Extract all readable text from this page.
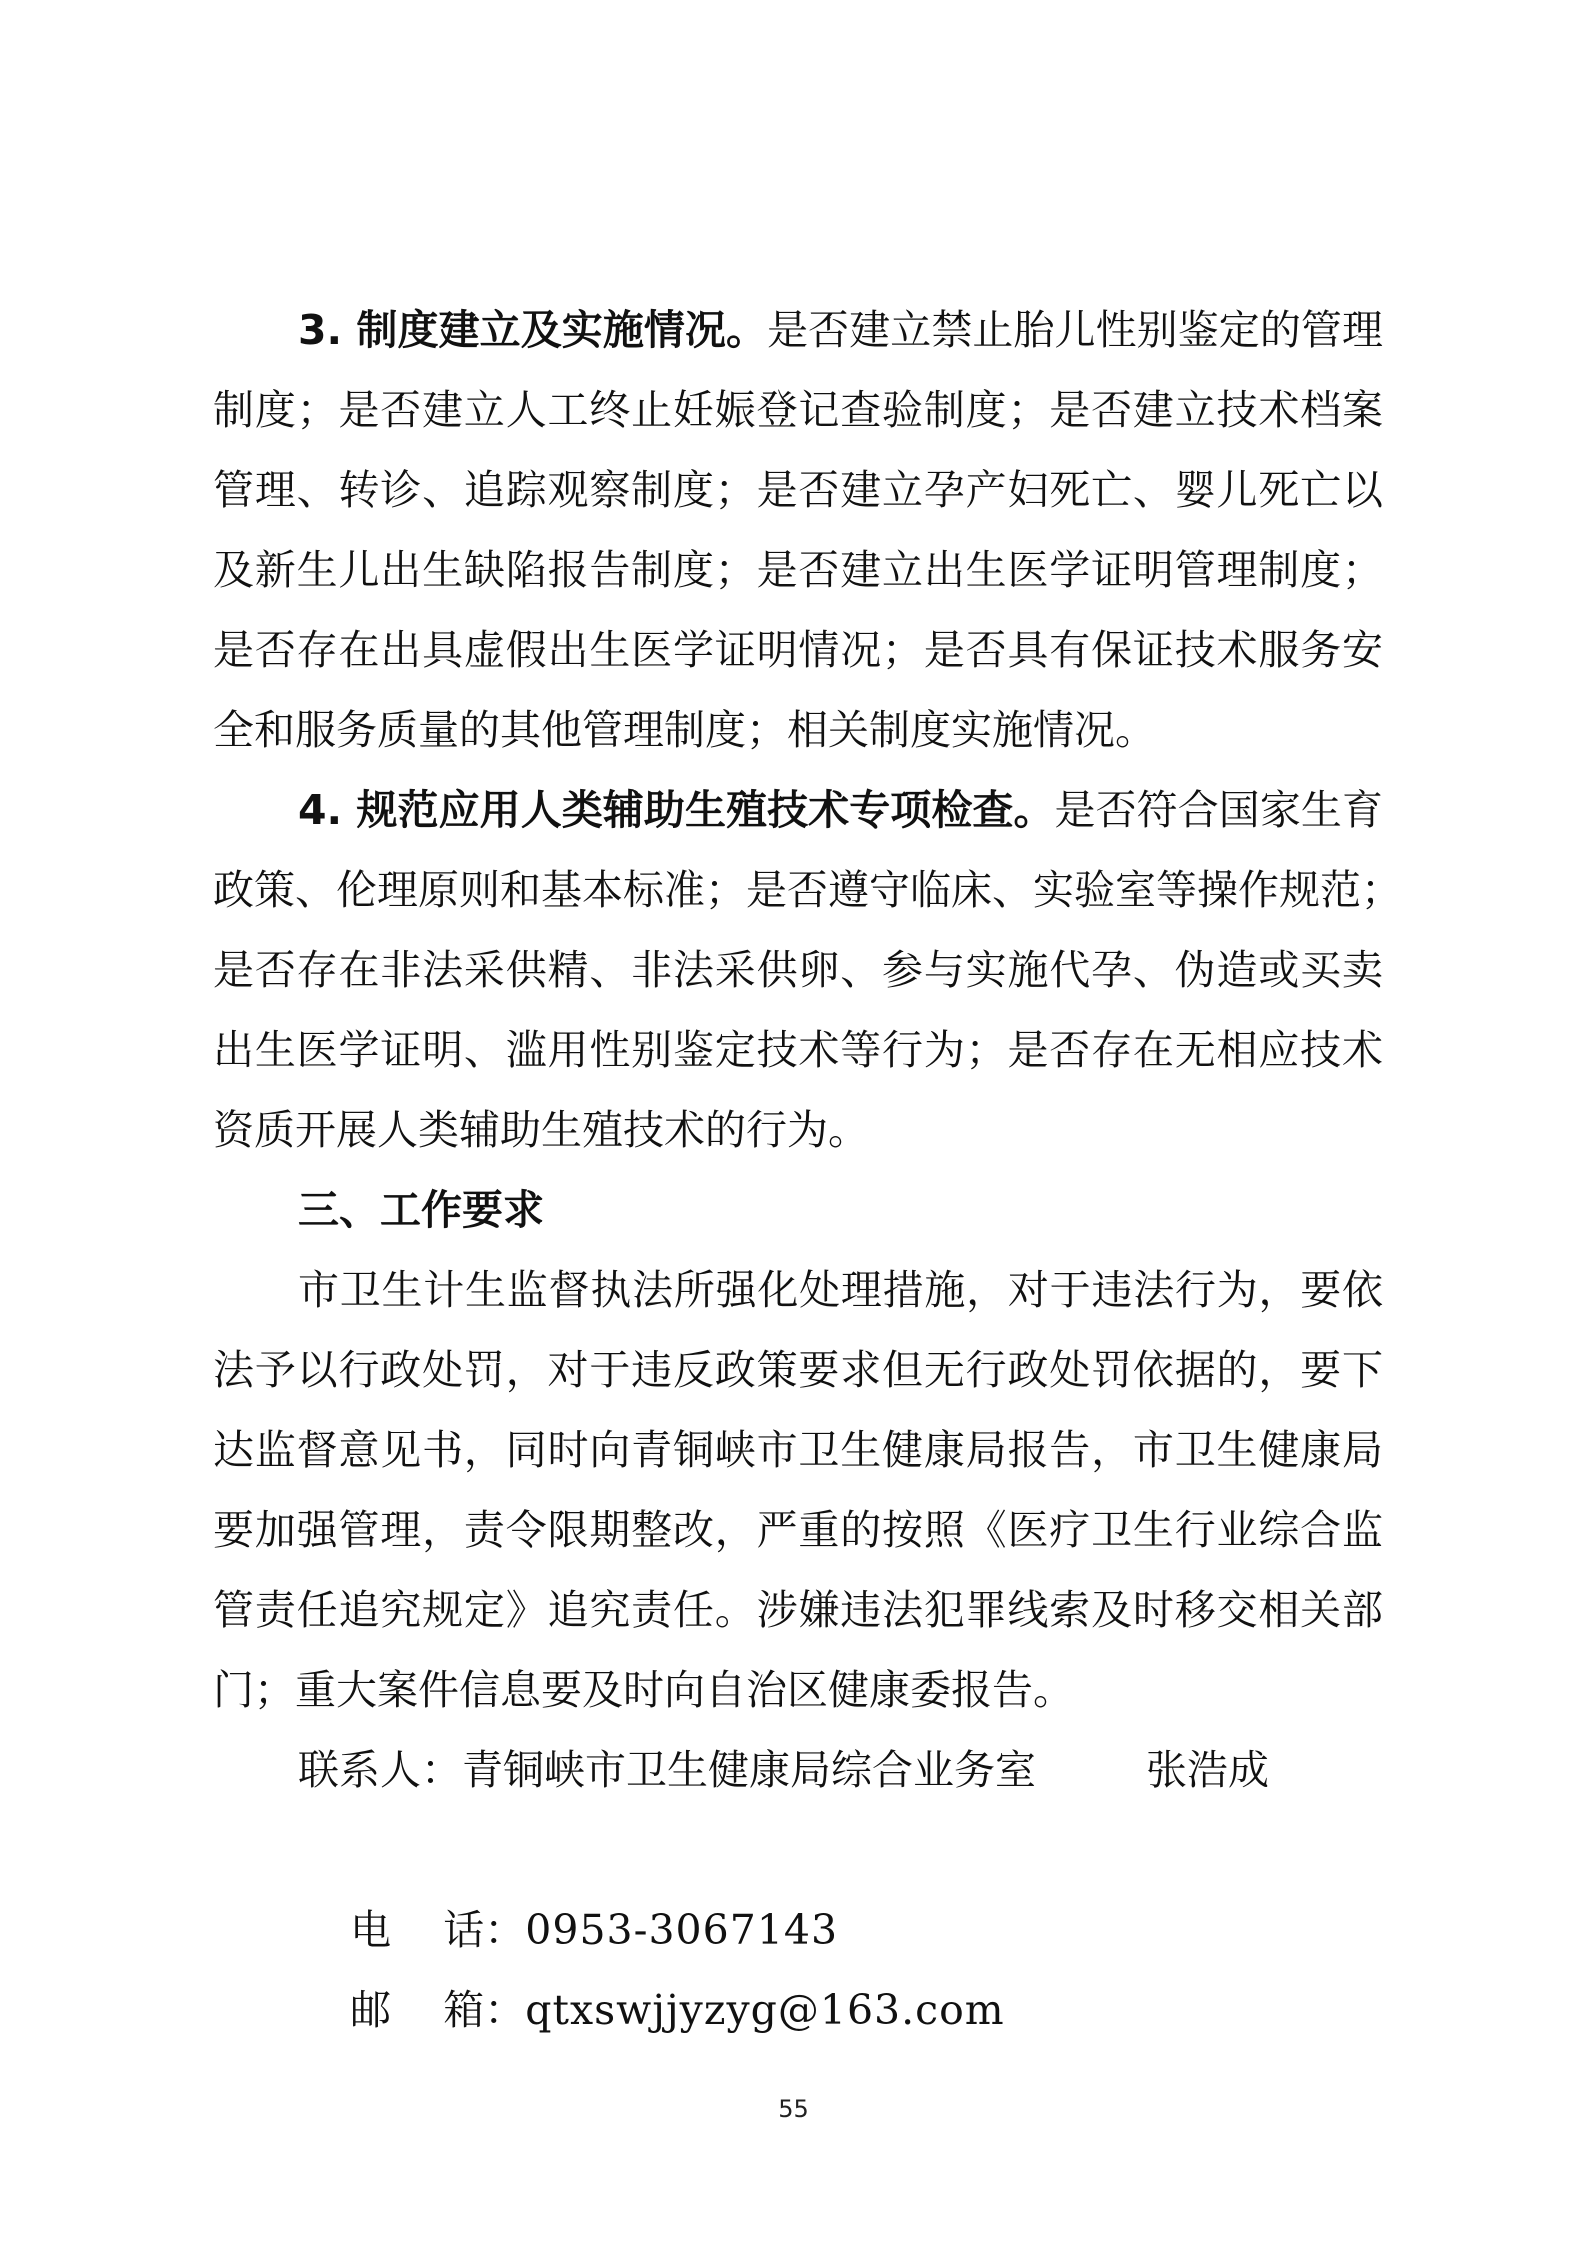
3. 制度建立及实施情况。是否建立禁止胎儿性别鉴定的管理
制度；是否建立人工终止妊娠登记查验制度；是否建立技术档案
管理、转诊、追踪观察制度；是否建立孕产妇死亡、婴儿死亡以
及新生儿出生缺陷报告制度；是否建立出生医学证明管理制度；
是否存在出具虚假出生医学证明情况；是否具有保证技术服务安
全和服务质量的其他管理制度；相关制度实施情况。
4. 规范应用人类辅助生殖技术专项检查。是否符合国家生育
政策、伦理原则和基本标准；是否遵守临床、实验室等操作规范；
是否存在非法采供精、非法采供卵、参与实施代孕、伪造或买卖
出生医学证明、滥用性别鉴定技术等行为；是否存在无相应技术
资质开展人类辅助生殖技术的行为。
三、工作要求
市卫生计生监督执法所强化处理措施，对于违法行为，要依
法予以行政处罚，对于违反政策要求但无行政处罚依据的，要下
达监督意见书，同时向青铜峡市卫生健康局报告，市卫生健康局
要加强管理，责令限期整改，严重的按照《医疗卫生行业综合监
管责任追究规定》追究责任。涉嫌违法犯罪线索及时移交相关部
门；重大案件信息要及时向自治区健康委报告。
联系人：青铜峡市卫生健康局综合业务室	张浩成

电    话：0953-3067143

邮    箱：qtxswjjyzyg@163.com

55
